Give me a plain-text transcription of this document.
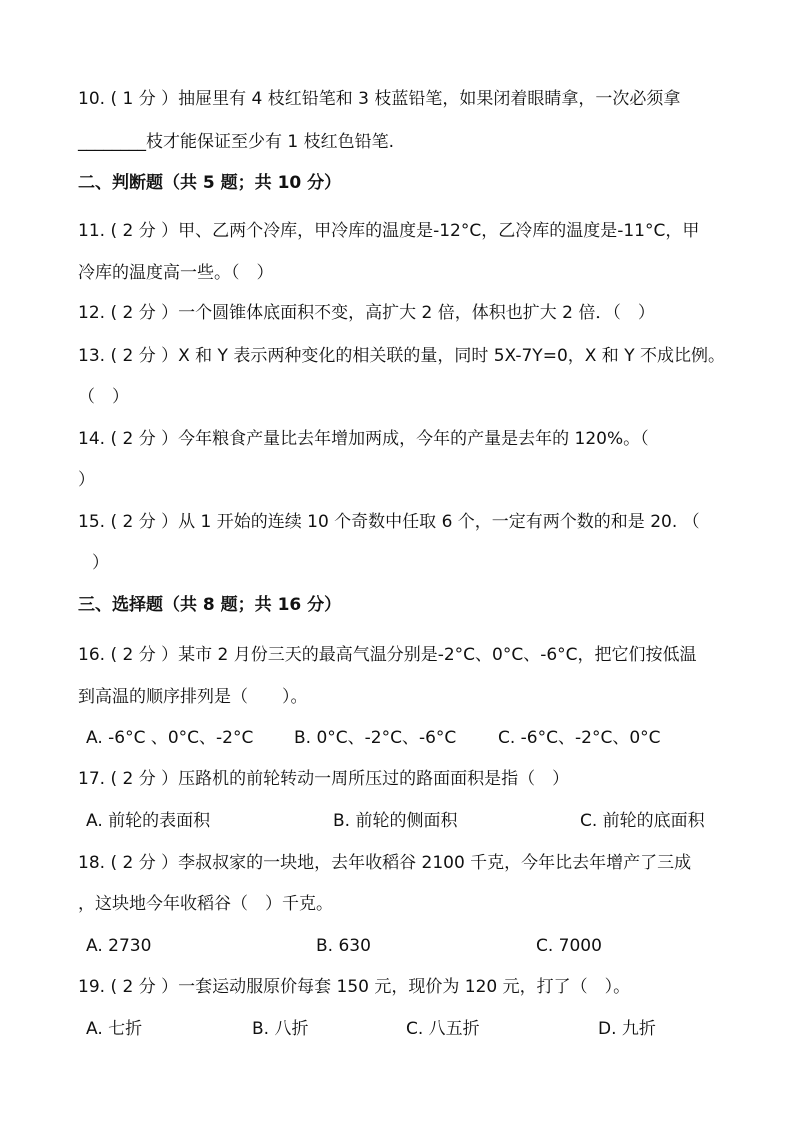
10. ( 1 分 ）抽屉里有 4 枝红铅笔和 3 枝蓝铅笔，如果闭着眼睛拿，一次必须拿
________枝才能保证至少有 1 枝红色铅笔.
二、判断题（共 5 题；共 10 分）
11. ( 2 分 ）甲、乙两个冷库，甲冷库的温度是-12°C，乙冷库的温度是-11°C，甲
冷库的温度高一些。（　）
12. ( 2 分 ）一个圆锥体底面积不变，高扩大 2 倍，体积也扩大 2 倍．（　）
13. ( 2 分 ）X 和 Y 表示两种变化的相关联的量，同时 5X-7Y=0，X 和 Y 不成比例。
（　）
14. ( 2 分 ）今年粮食产量比去年增加两成，今年的产量是去年的 120%。（
）
15. ( 2 分 ）从 1 开始的连续 10 个奇数中任取 6 个，一定有两个数的和是 20. （
）
三、选择题（共 8 题；共 16 分）
16. ( 2 分 ）某市 2 月份三天的最高气温分别是-2°C、0°C、-6°C，把它们按低温
到高温的顺序排列是（　　）。
A. -6°C 、0°C、-2°C B. 0°C、-2°C、-6°C C. -6°C、-2°C、0°C
17. ( 2 分 ）压路机的前轮转动一周所压过的路面面积是指（　）
A. 前轮的表面积	B. 前轮的侧面积	C. 前轮的底面积
18. ( 2 分 ）李叔叔家的一块地，去年收稻谷 2100 千克，今年比去年增产了三成
，这块地今年收稻谷（　）千克。
A. 2730	B. 630	C. 7000
19. ( 2 分 ）一套运动服原价每套 150 元，现价为 120 元，打了（　）。
A. 七折	B. 八折	C. 八五折	D. 九折
